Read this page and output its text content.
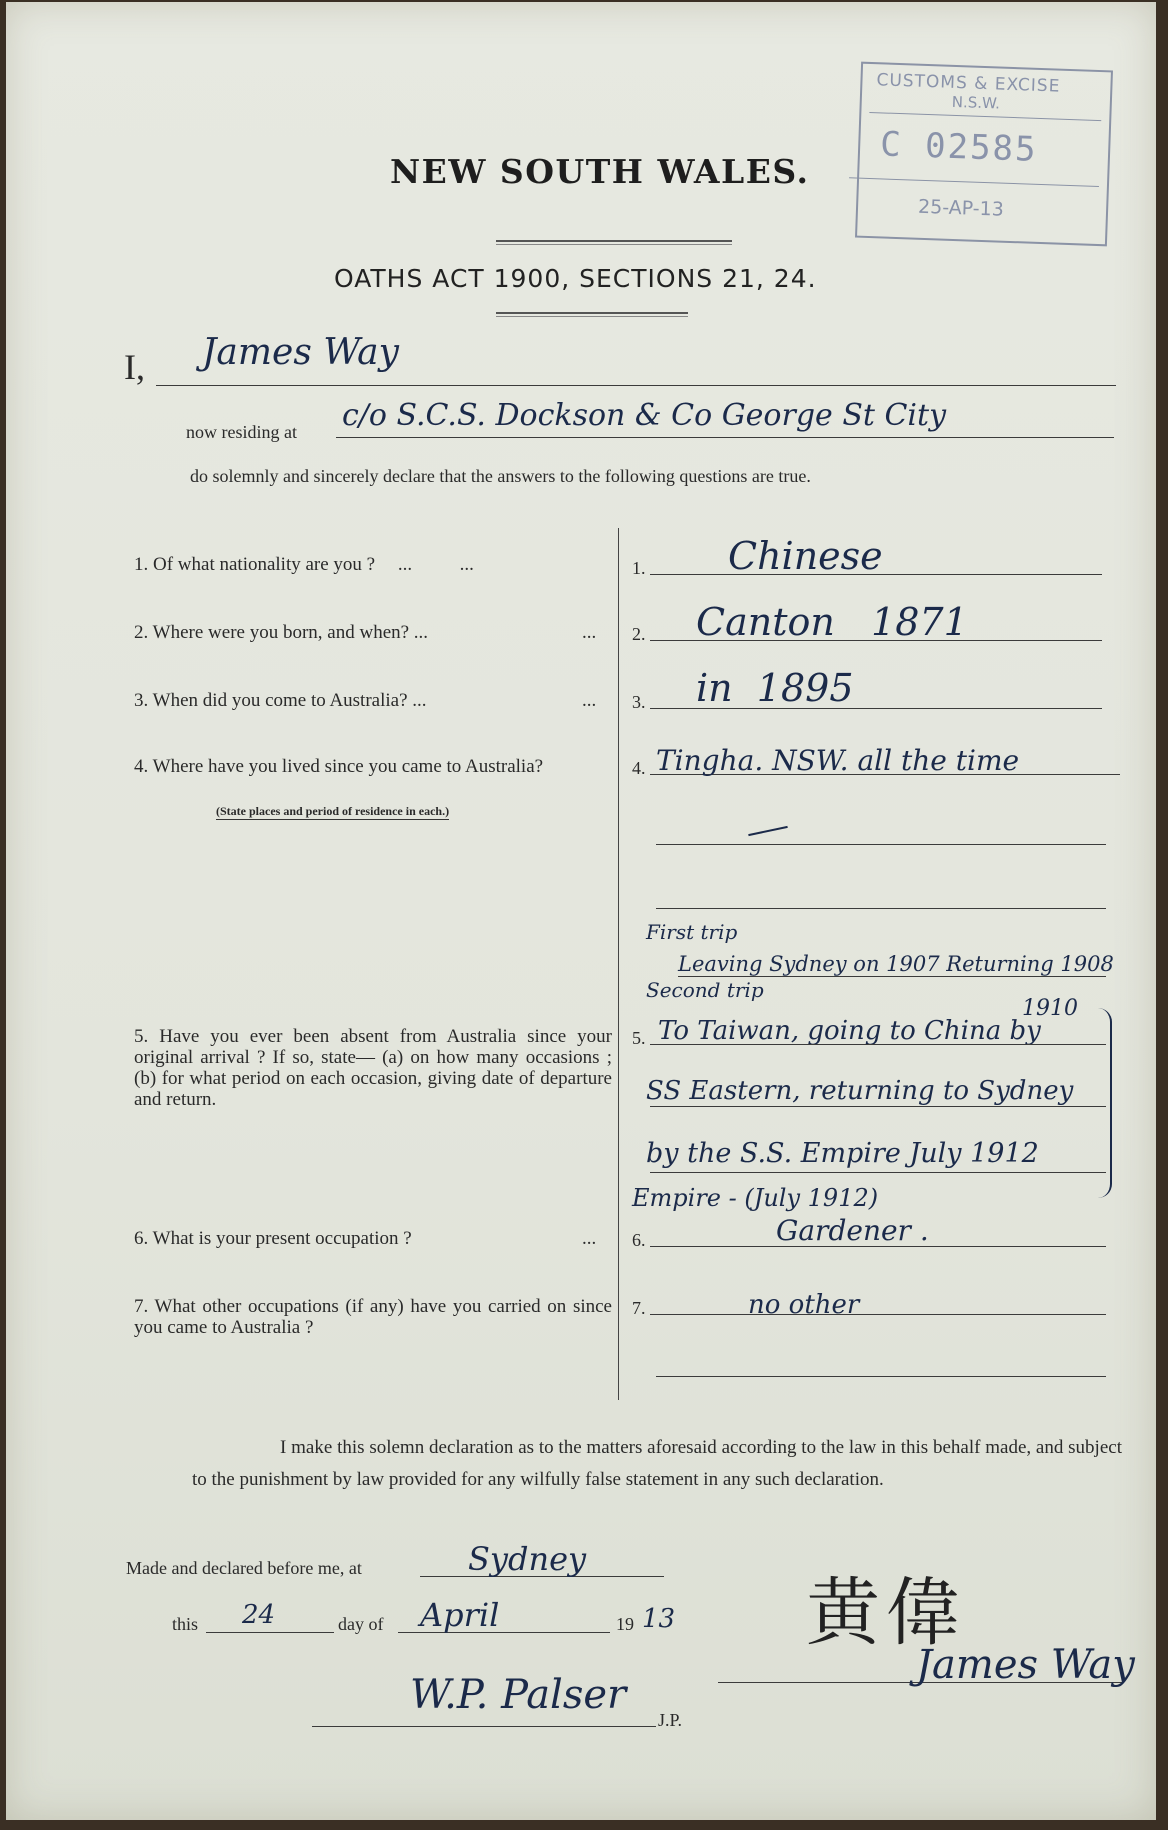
NEW SOUTH WALES.
CUSTOMS & EXCISE
N.S.W.
C 02585
25-AP-13
OATHS ACT 1900, SECTIONS 21, 24.
I, James Way
now residing at c/o S.C.S. Dockson & Co George St City
do solemnly and sincerely declare that the answers to the following questions are true.
1. Of what nationality are you ? ...          ...	1. Chinese
2. Where were you born, and when? ...	... 2. Canton   1871
3. When did you come to Australia? ...	... 3. in  1895
4. Where have you lived since you came to Australia?
(State places and period of residence in each.)
4. Tingha. NSW. all the time
5. Have you ever been absent from Australia since your original arrival ? If so, state— (a) on how many occasions ; (b) for what period on each occasion, giving date of departure and return.
5.
First trip
Leaving Sydney on 1907 Returning 1908
Second trip
1910
To Taiwan, going to China by
SS Eastern, returning to Sydney
by the S.S. Empire July 1912
Empire - (July 1912)
6. What is your present occupation ?	... 6.	Gardener .
7. What other occupations (if any) have you carried on since you came to Australia ?
7.	no other
I make this solemn declaration as to the matters aforesaid according to the law in this behalf made, and subject to the punishment by law provided for any wilfully false statement in any such declaration.
Made and declared before me, at	Sydney
this 24	day of April	19 13
W.P. Palser
J.P.
黄偉
James Way
